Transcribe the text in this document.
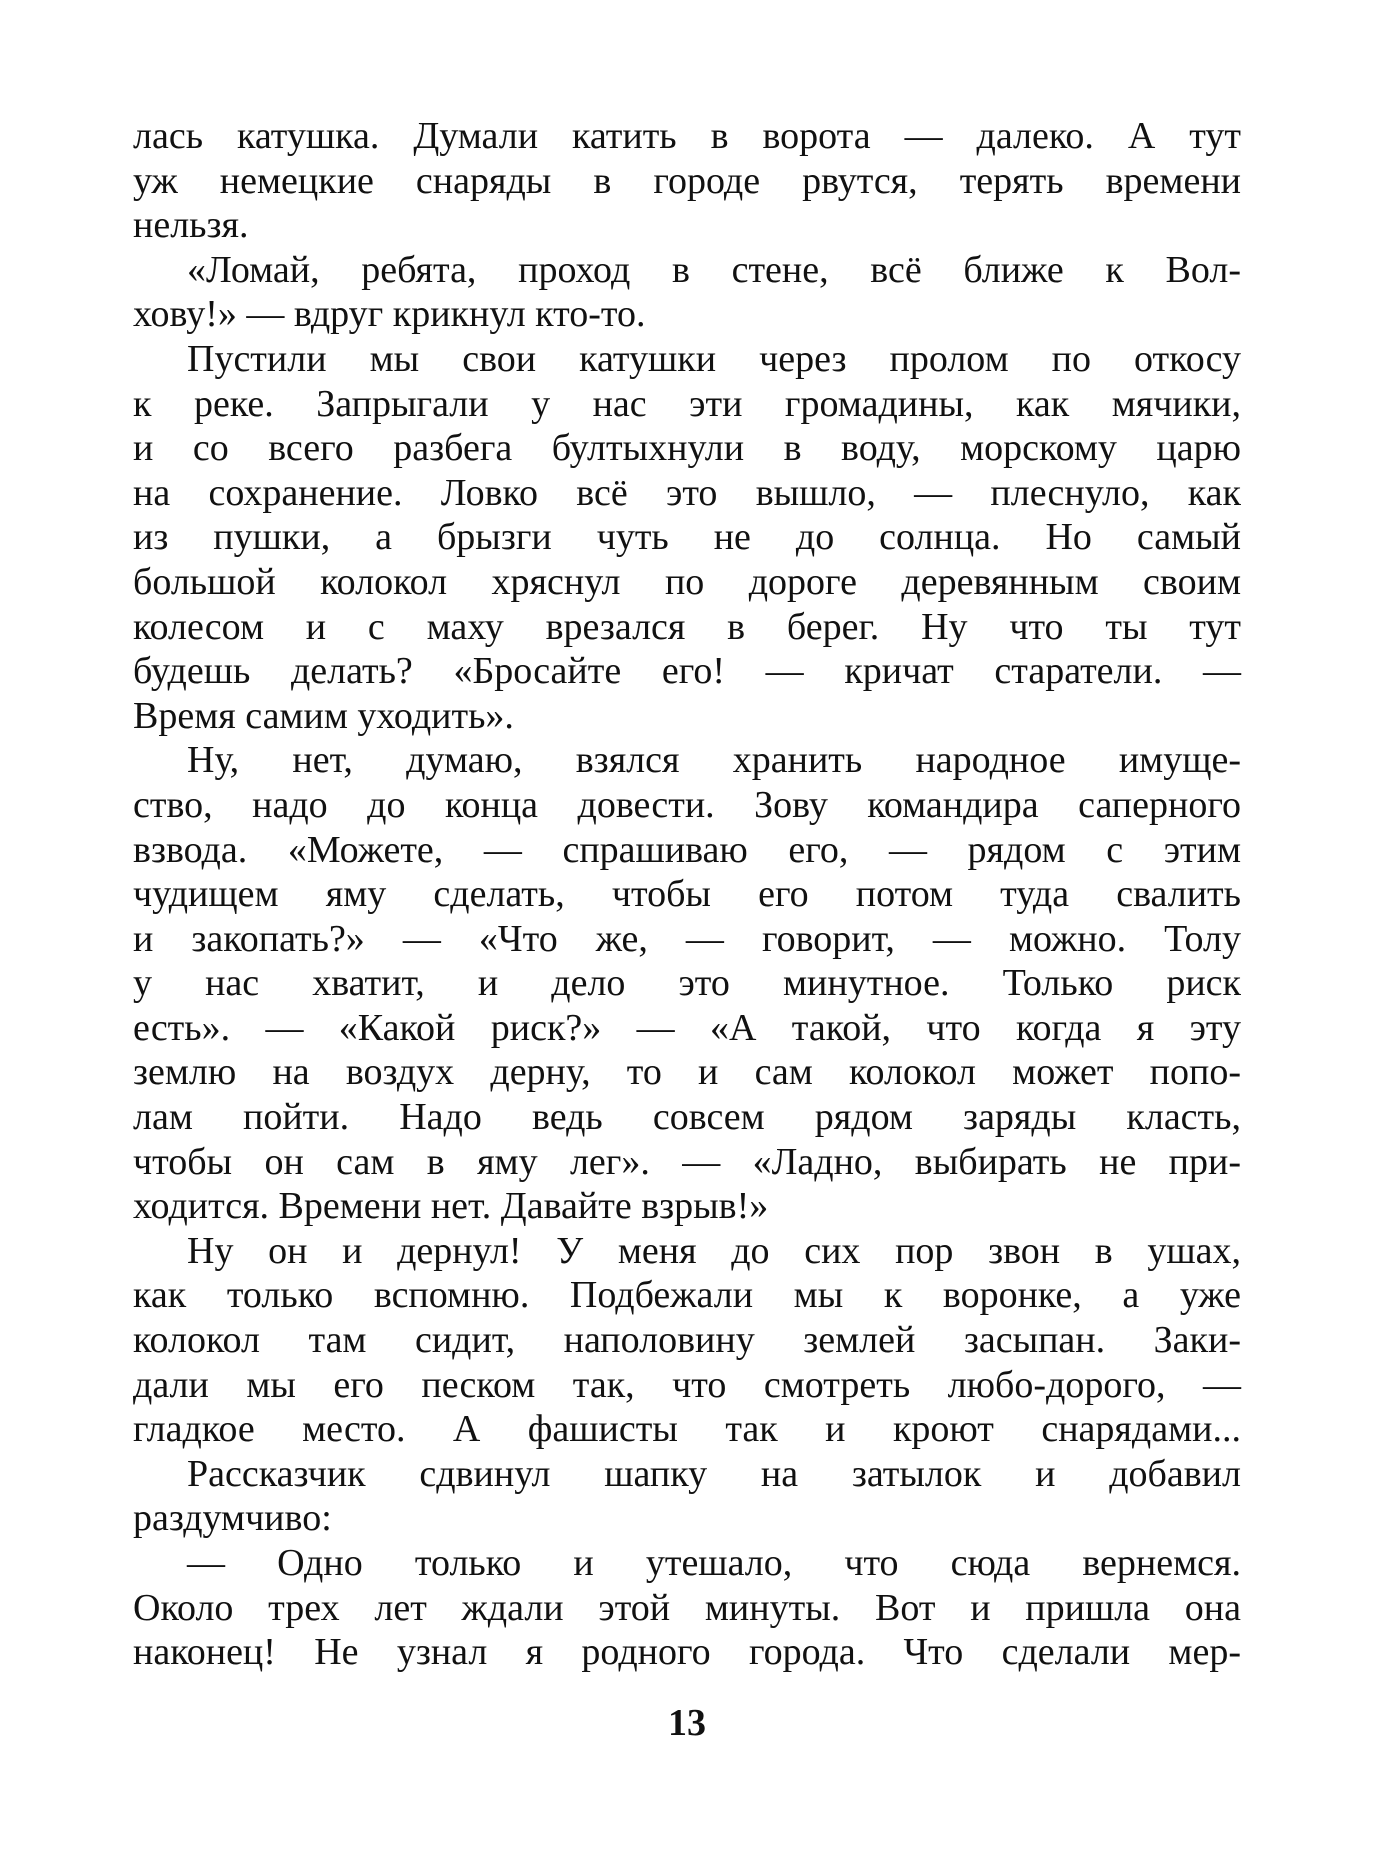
лась катушка. Думали катить в ворота — далеко. А тут
уж немецкие снаряды в городе рвутся, терять времени
нельзя.
«Ломай, ребята, проход в стене, всё ближе к Вол-
хову!» — вдруг крикнул кто-то.
Пустили мы свои катушки через пролом по откосу
к реке. Запрыгали у нас эти громадины, как мячики,
и со всего разбега бултыхнули в воду, морскому царю
на сохранение. Ловко всё это вышло, — плеснуло, как
из пушки, а брызги чуть не до солнца. Но самый
большой колокол хряснул по дороге деревянным своим
колесом и с маху врезался в берег. Ну что ты тут
будешь делать? «Бросайте его! — кричат старатели. —
Время самим уходить».
Ну, нет, думаю, взялся хранить народное имуще-
ство, надо до конца довести. Зову командира саперного
взвода. «Можете, — спрашиваю его, — рядом с этим
чудищем яму сделать, чтобы его потом туда свалить
и закопать?» — «Что же, — говорит, — можно. Толу
у нас хватит, и дело это минутное. Только риск
есть». — «Какой риск?» — «А такой, что когда я эту
землю на воздух дерну, то и сам колокол может попо-
лам пойти. Надо ведь совсем рядом заряды класть,
чтобы он сам в яму лег». — «Ладно, выбирать не при-
ходится. Времени нет. Давайте взрыв!»
Ну он и дернул! У меня до сих пор звон в ушах,
как только вспомню. Подбежали мы к воронке, а уже
колокол там сидит, наполовину землей засыпан. Заки-
дали мы его песком так, что смотреть любо-дорого, —
гладкое место. А фашисты так и кроют снарядами...
Рассказчик сдвинул шапку на затылок и добавил
раздумчиво:
— Одно только и утешало, что сюда вернемся.
Около трех лет ждали этой минуты. Вот и пришла она
наконец! Не узнал я родного города. Что сделали мер-
13
